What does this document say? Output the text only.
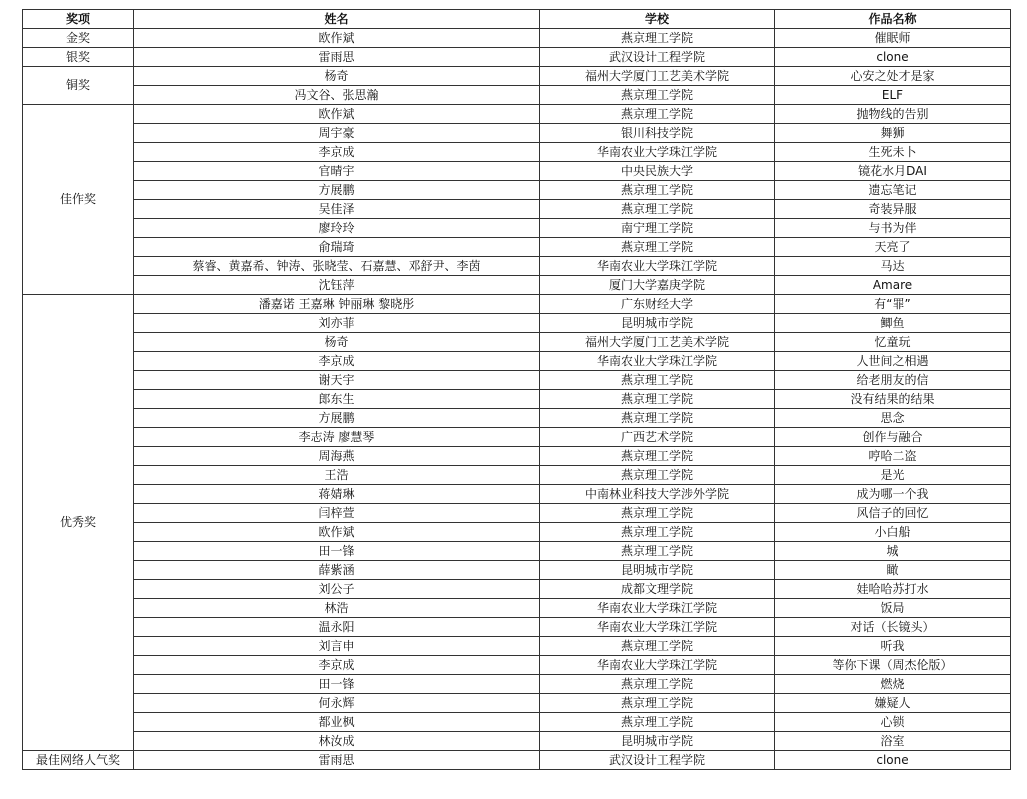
奖项	姓名	学校	作品名称
金奖	欧作斌	燕京理工学院	催眠师
银奖	雷雨思	武汉设计工程学院	clone
铜奖	杨奇	福州大学厦门工艺美术学院	心安之处才是家
	冯文谷、张思瀚	燕京理工学院	ELF
佳作奖	欧作斌	燕京理工学院	抛物线的告别
	周宇豪	银川科技学院	舞狮
	李京成	华南农业大学珠江学院	生死未卜
	官晴宇	中央民族大学	镜花水月DAI
	方展鹏	燕京理工学院	遗忘笔记
	吴佳泽	燕京理工学院	奇装异服
	廖玲玲	南宁理工学院	与书为伴
	俞瑞琦	燕京理工学院	天亮了
	蔡睿、黄嘉希、钟涛、张晓莹、石嘉慧、邓舒尹、李茵	华南农业大学珠江学院	马达
	沈钰萍	厦门大学嘉庚学院	Amare
优秀奖	潘嘉诺 王嘉琳 钟丽琳 黎晓彤	广东财经大学	有“罪”
	刘亦菲	昆明城市学院	鲫鱼
	杨奇	福州大学厦门工艺美术学院	忆童玩
	李京成	华南农业大学珠江学院	人世间之相遇
	谢天宇	燕京理工学院	给老朋友的信
	郎东生	燕京理工学院	没有结果的结果
	方展鹏	燕京理工学院	思念
	李志涛 廖慧琴	广西艺术学院	创作与融合
	周海燕	燕京理工学院	哼哈二盗
	王浩	燕京理工学院	是光
	蒋婧琳	中南林业科技大学涉外学院	成为哪一个我
	闫梓萱	燕京理工学院	风信子的回忆
	欧作斌	燕京理工学院	小白船
	田一锋	燕京理工学院	城
	薛紫涵	昆明城市学院	瞰
	刘公子	成都文理学院	娃哈哈苏打水
	林浩	华南农业大学珠江学院	饭局
	温永阳	华南农业大学珠江学院	对话（长镜头）
	刘言申	燕京理工学院	听我
	李京成	华南农业大学珠江学院	等你下课（周杰伦版）
	田一锋	燕京理工学院	燃烧
	何永辉	燕京理工学院	嫌疑人
	都业枫	燕京理工学院	心锁
	林汝成	昆明城市学院	浴室
最佳网络人气奖	雷雨思	武汉设计工程学院	clone
